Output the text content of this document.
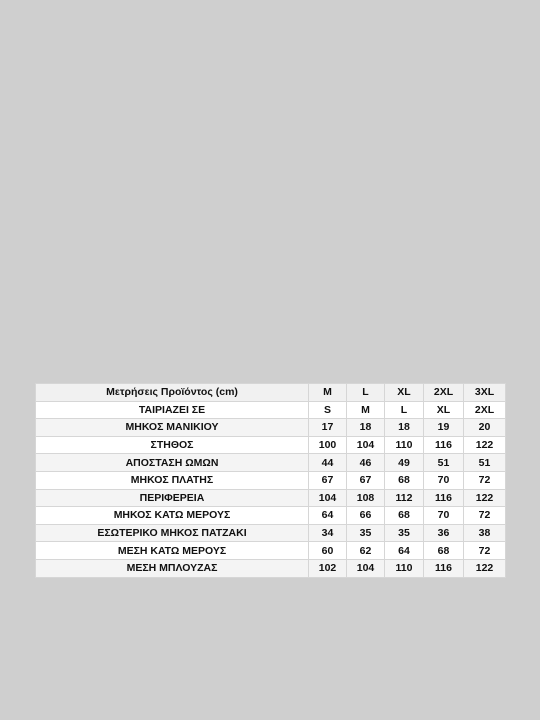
Μετρήσεις Προϊόντος (cm)	M	L	XL	2XL	3XL
ΤΑΙΡΙΑΖΕΙ ΣΕ	S	M	L	XL	2XL
ΜΗΚΟΣ ΜΑΝΙΚΙΟΥ	17	18	18	19	20
ΣΤΗΘΟΣ	100	104	110	116	122
ΑΠΟΣΤΑΣΗ ΩΜΩΝ	44	46	49	51	51
ΜΗΚΟΣ ΠΛΑΤΗΣ	67	67	68	70	72
ΠΕΡΙΦΕΡΕΙΑ	104	108	112	116	122
ΜΗΚΟΣ ΚΑΤΩ ΜΕΡΟΥΣ	64	66	68	70	72
ΕΣΩΤΕΡΙΚΟ ΜΗΚΟΣ ΠΑΤΖΑΚΙ	34	35	35	36	38
ΜΕΣΗ ΚΑΤΩ ΜΕΡΟΥΣ	60	62	64	68	72
ΜΕΣΗ ΜΠΛΟΥΖΑΣ	102	104	110	116	122
